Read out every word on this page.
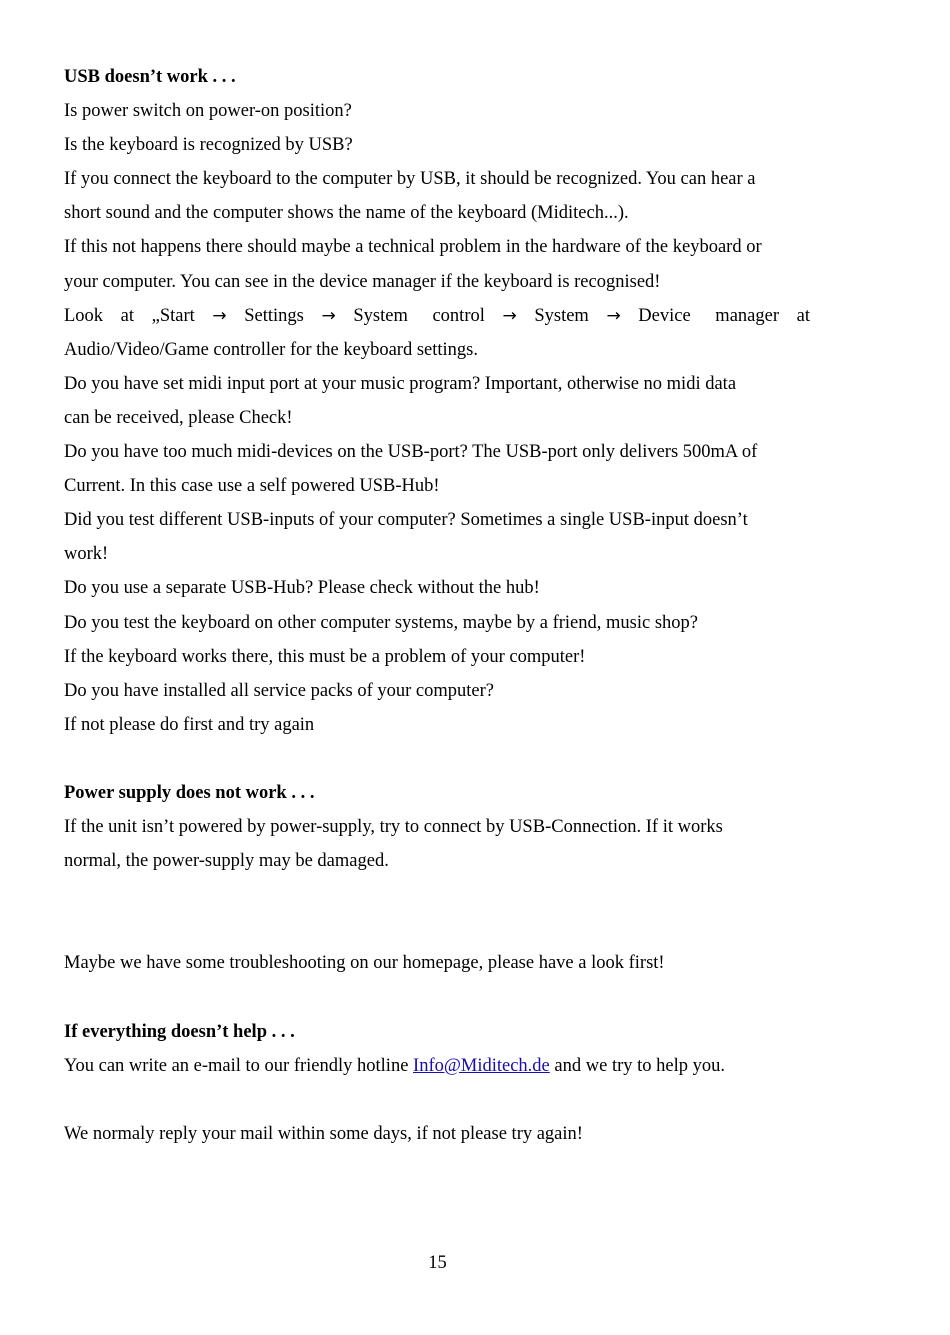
USB doesn’t work . . .
Is power switch on power-on position?
Is the keyboard is recognized by USB?
If you connect the keyboard to the computer by USB, it should be recognized. You can hear a
short sound and the computer shows the name of the keyboard (Miditech...).
If this not happens there should maybe a technical problem in the hardware of the keyboard or
your computer. You can see in the device manager if the keyboard is recognised!
Look at „Start → Settings → System control → System → Device manager at
Audio/Video/Game controller for the keyboard settings.
Do you have set midi input port at your music program? Important, otherwise no midi data
can be received, please Check!
Do you have too much midi-devices on the USB-port? The USB-port only delivers 500mA of
Current. In this case use a self powered USB-Hub!
Did you test different USB-inputs of your computer? Sometimes a single USB-input doesn’t
work!
Do you use a separate USB-Hub? Please check without the hub!
Do you test the keyboard on other computer systems, maybe by a friend, music shop?
If the keyboard works there, this must be a problem of your computer!
Do you have installed all service packs of your computer?
If not please do first and try again
Power supply does not work . . .
If the unit isn’t powered by power-supply, try to connect by USB-Connection. If it works
normal, the power-supply may be damaged.
Maybe we have some troubleshooting on our homepage, please have a look first!
If everything doesn’t help . . .
You can write an e-mail to our friendly hotline Info@Miditech.de and we try to help you.
We normaly reply your mail within some days, if not please try again!
15
